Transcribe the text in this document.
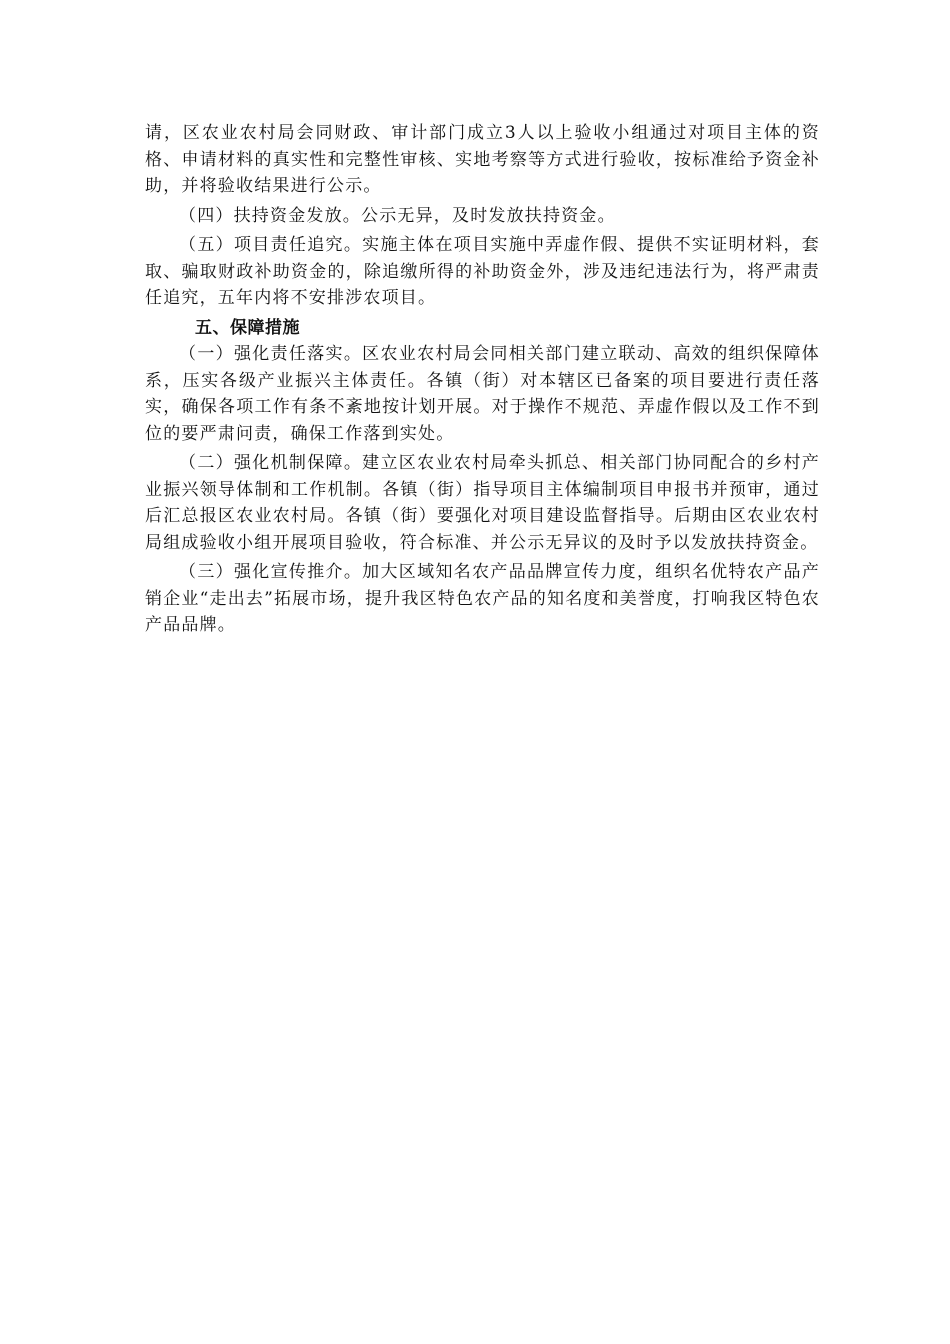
请，区农业农村局会同财政、审计部门成立3人以上验收小组通过对项目主体的资格、申请材料的真实性和完整性审核、实地考察等方式进行验收，按标准给予资金补助，并将验收结果进行公示。

（四）扶持资金发放。公示无异，及时发放扶持资金。

（五）项目责任追究。实施主体在项目实施中弄虚作假、提供不实证明材料，套取、骗取财政补助资金的，除追缴所得的补助资金外，涉及违纪违法行为，将严肃责任追究，五年内将不安排涉农项目。

五、保障措施

（一）强化责任落实。区农业农村局会同相关部门建立联动、高效的组织保障体系，压实各级产业振兴主体责任。各镇（街）对本辖区已备案的项目要进行责任落实，确保各项工作有条不紊地按计划开展。对于操作不规范、弄虚作假以及工作不到位的要严肃问责，确保工作落到实处。

（二）强化机制保障。建立区农业农村局牵头抓总、相关部门协同配合的乡村产业振兴领导体制和工作机制。各镇（街）指导项目主体编制项目申报书并预审，通过后汇总报区农业农村局。各镇（街）要强化对项目建设监督指导。后期由区农业农村局组成验收小组开展项目验收，符合标准、并公示无异议的及时予以发放扶持资金。

（三）强化宣传推介。加大区域知名农产品品牌宣传力度，组织名优特农产品产销企业“走出去”拓展市场，提升我区特色农产品的知名度和美誉度，打响我区特色农产品品牌。
